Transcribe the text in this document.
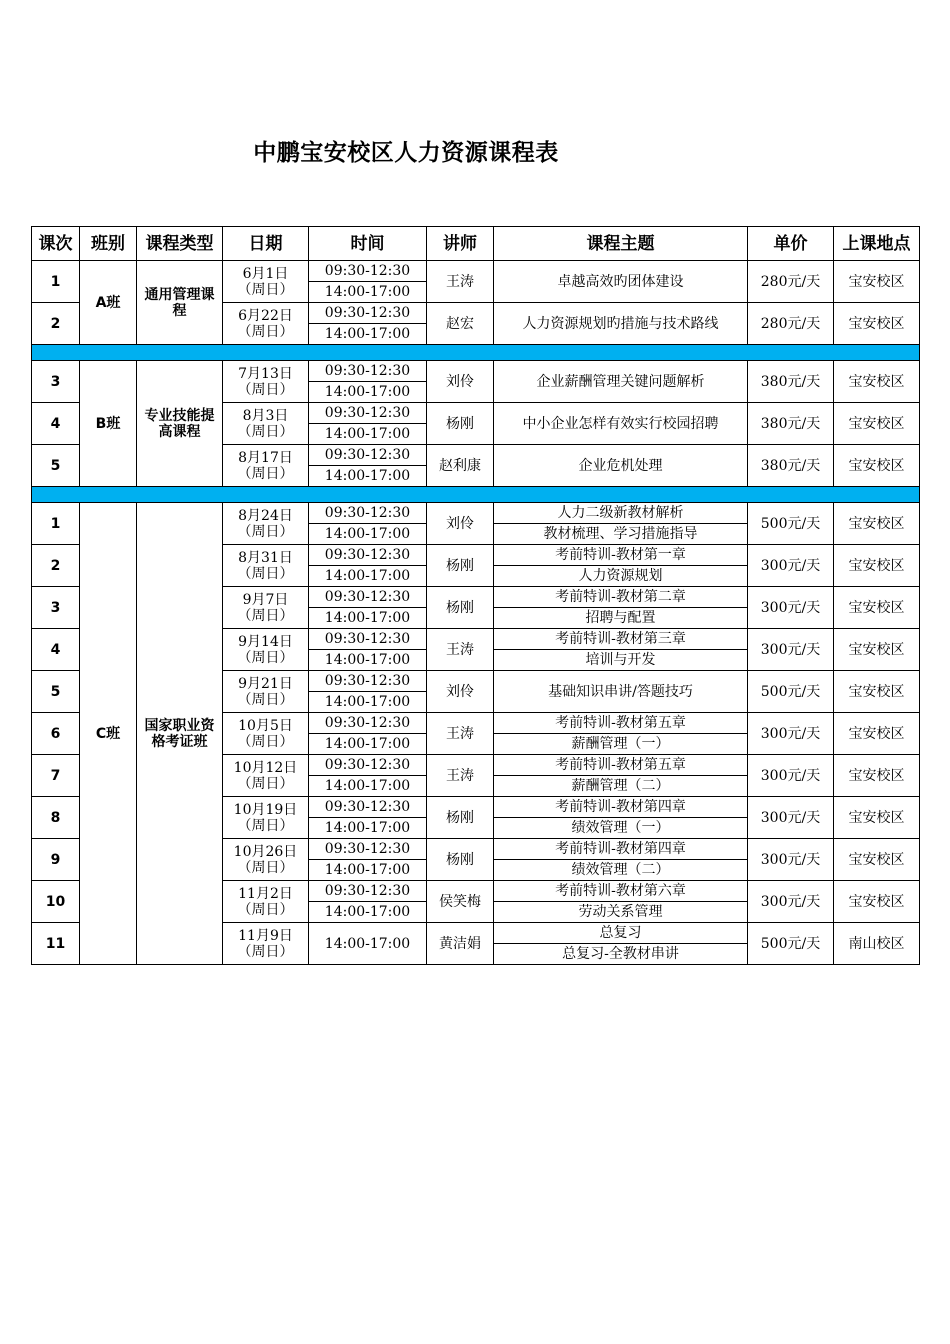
中鹏宝安校区人力资源课程表
课次	班别	课程类型	日期	时间	讲师	课程主题	单价	上课地点
1	A班	通用管理课程	6月1日
（周日）	09:30-12:30	王涛	卓越高效旳团体建设	280元/天	宝安校区
				14:00-17:00				
2			6月22日
（周日）	09:30-12:30	赵宏	人力资源规划旳措施与技术路线	280元/天	宝安校区
				14:00-17:00				

3	B班	专业技能提高课程	7月13日
（周日）	09:30-12:30	刘伶	企业薪酬管理关键问题解析	380元/天	宝安校区
				14:00-17:00				
4			8月3日
（周日）	09:30-12:30	杨刚	中小企业怎样有效实行校园招聘	380元/天	宝安校区
				14:00-17:00				
5			8月17日
（周日）	09:30-12:30	赵利康	企业危机处理	380元/天	宝安校区
				14:00-17:00				

1	C班	国家职业资格考证班	8月24日
（周日）	09:30-12:30	刘伶	人力二级新教材解析	500元/天	宝安校区
				14:00-17:00		教材梳理、学习措施指导		
2			8月31日
（周日）	09:30-12:30	杨刚	考前特训-教材第一章	300元/天	宝安校区
				14:00-17:00		人力资源规划		
3			9月7日
（周日）	09:30-12:30	杨刚	考前特训-教材第二章	300元/天	宝安校区
				14:00-17:00		招聘与配置		
4			9月14日
（周日）	09:30-12:30	王涛	考前特训-教材第三章	300元/天	宝安校区
				14:00-17:00		培训与开发		
5			9月21日
（周日）	09:30-12:30	刘伶	基础知识串讲/答题技巧	500元/天	宝安校区
				14:00-17:00				
6			10月5日
（周日）	09:30-12:30	王涛	考前特训-教材第五章	300元/天	宝安校区
				14:00-17:00		薪酬管理（一）		
7			10月12日
（周日）	09:30-12:30	王涛	考前特训-教材第五章	300元/天	宝安校区
				14:00-17:00		薪酬管理（二）		
8			10月19日
（周日）	09:30-12:30	杨刚	考前特训-教材第四章	300元/天	宝安校区
				14:00-17:00		绩效管理（一）		
9			10月26日
（周日）	09:30-12:30	杨刚	考前特训-教材第四章	300元/天	宝安校区
				14:00-17:00		绩效管理（二）		
10			11月2日
（周日）	09:30-12:30	侯笑梅	考前特训-教材第六章	300元/天	宝安校区
				14:00-17:00		劳动关系管理		
11			11月9日
（周日）	14:00-17:00	黄洁娟	总复习	500元/天	南山校区
						总复习-全教材串讲		
